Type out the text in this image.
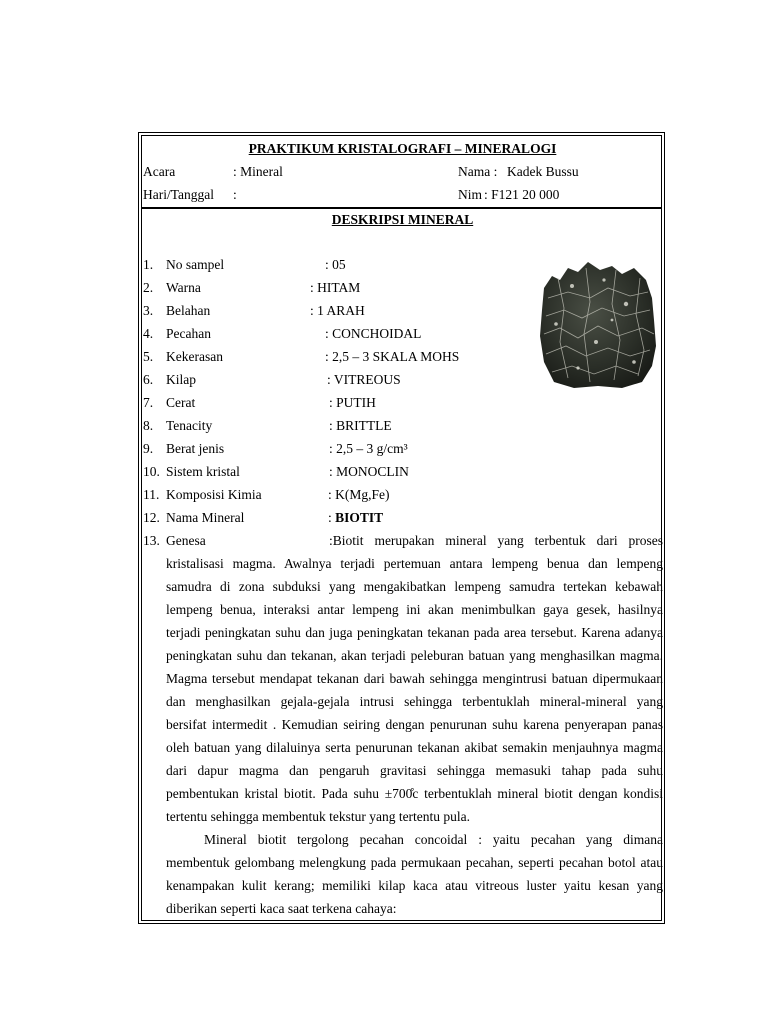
PRAKTIKUM KRISTALOGRAFI – MINERALOGI
Acara	: Mineral	Nama : Kadek Bussu
Hari/Tanggal :	Nim : F121 20 000
DESKRIPSI MINERAL
1. No sampel	: 05
2. Warna	: HITAM
3. Belahan	: 1 ARAH
4. Pecahan	: CONCHOIDAL
5. Kekerasan	: 2,5 – 3 SKALA MOHS
6. Kilap	: VITREOUS
7. Cerat	: PUTIH
8. Tenacity	: BRITTLE
9. Berat jenis	: 2,5 – 3 g/cm³
10. Sistem kristal	: MONOCLIN
11. Komposisi Kimia	: K(Mg,Fe)
12. Nama Mineral	: BIOTIT
13. Genesa	:Biotit merupakan mineral yang terbentuk dari proses
kristalisasi magma. Awalnya terjadi pertemuan antara lempeng benua dan lempeng
samudra di zona subduksi yang mengakibatkan lempeng samudra tertekan kebawah
lempeng benua, interaksi antar lempeng ini akan menimbulkan gaya gesek, hasilnya
terjadi peningkatan suhu dan juga peningkatan tekanan pada area tersebut. Karena adanya
peningkatan suhu dan tekanan, akan terjadi peleburan batuan yang menghasilkan magma.
Magma tersebut mendapat tekanan dari bawah sehingga mengintrusi batuan dipermukaan
dan menghasilkan gejala-gejala intrusi sehingga terbentuklah mineral-mineral yang
bersifat intermedit . Kemudian seiring dengan penurunan suhu karena penyerapan panas
oleh batuan yang dilaluinya serta penurunan tekanan akibat semakin menjauhnya magma
dari dapur magma dan pengaruh gravitasi sehingga memasuki tahap pada suhu
pembentukan kristal biotit. Pada suhu ±700̊c terbentuklah mineral biotit dengan kondisi
tertentu sehingga membentuk tekstur yang tertentu pula.
Mineral biotit tergolong pecahan concoidal : yaitu pecahan yang dimana
membentuk gelombang melengkung pada permukaan pecahan, seperti pecahan botol atau
kenampakan kulit kerang; memiliki kilap kaca atau vitreous luster yaitu kesan yang
diberikan seperti kaca saat terkena cahaya:
